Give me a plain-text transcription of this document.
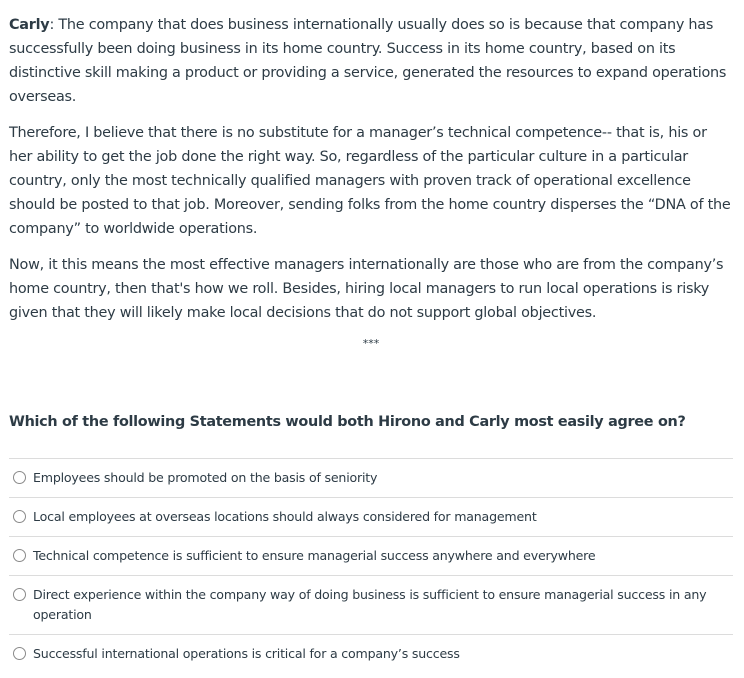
Carly: The company that does business internationally usually does so is because that company has successfully been doing business in its home country. Success in its home country, based on its distinctive skill making a product or providing a service, generated the resources to expand operations overseas.

Therefore, I believe that there is no substitute for a manager’s technical competence-- that is, his or her ability to get the job done the right way. So, regardless of the particular culture in a particular country, only the most technically qualified managers with proven track of operational excellence should be posted to that job. Moreover, sending folks from the home country disperses the “DNA of the company” to worldwide operations.

Now, it this means the most effective managers internationally are those who are from the company’s home country, then that's how we roll. Besides, hiring local managers to run local operations is risky given that they will likely make local decisions that do not support global objectives.

***

Which of the following Statements would both Hirono and Carly most easily agree on?

Employees should be promoted on the basis of seniority
Local employees at overseas locations should always considered for management
Technical competence is sufficient to ensure managerial success anywhere and everywhere
Direct experience within the company way of doing business is sufficient to ensure managerial success in any operation
Successful international operations is critical for a company’s success
